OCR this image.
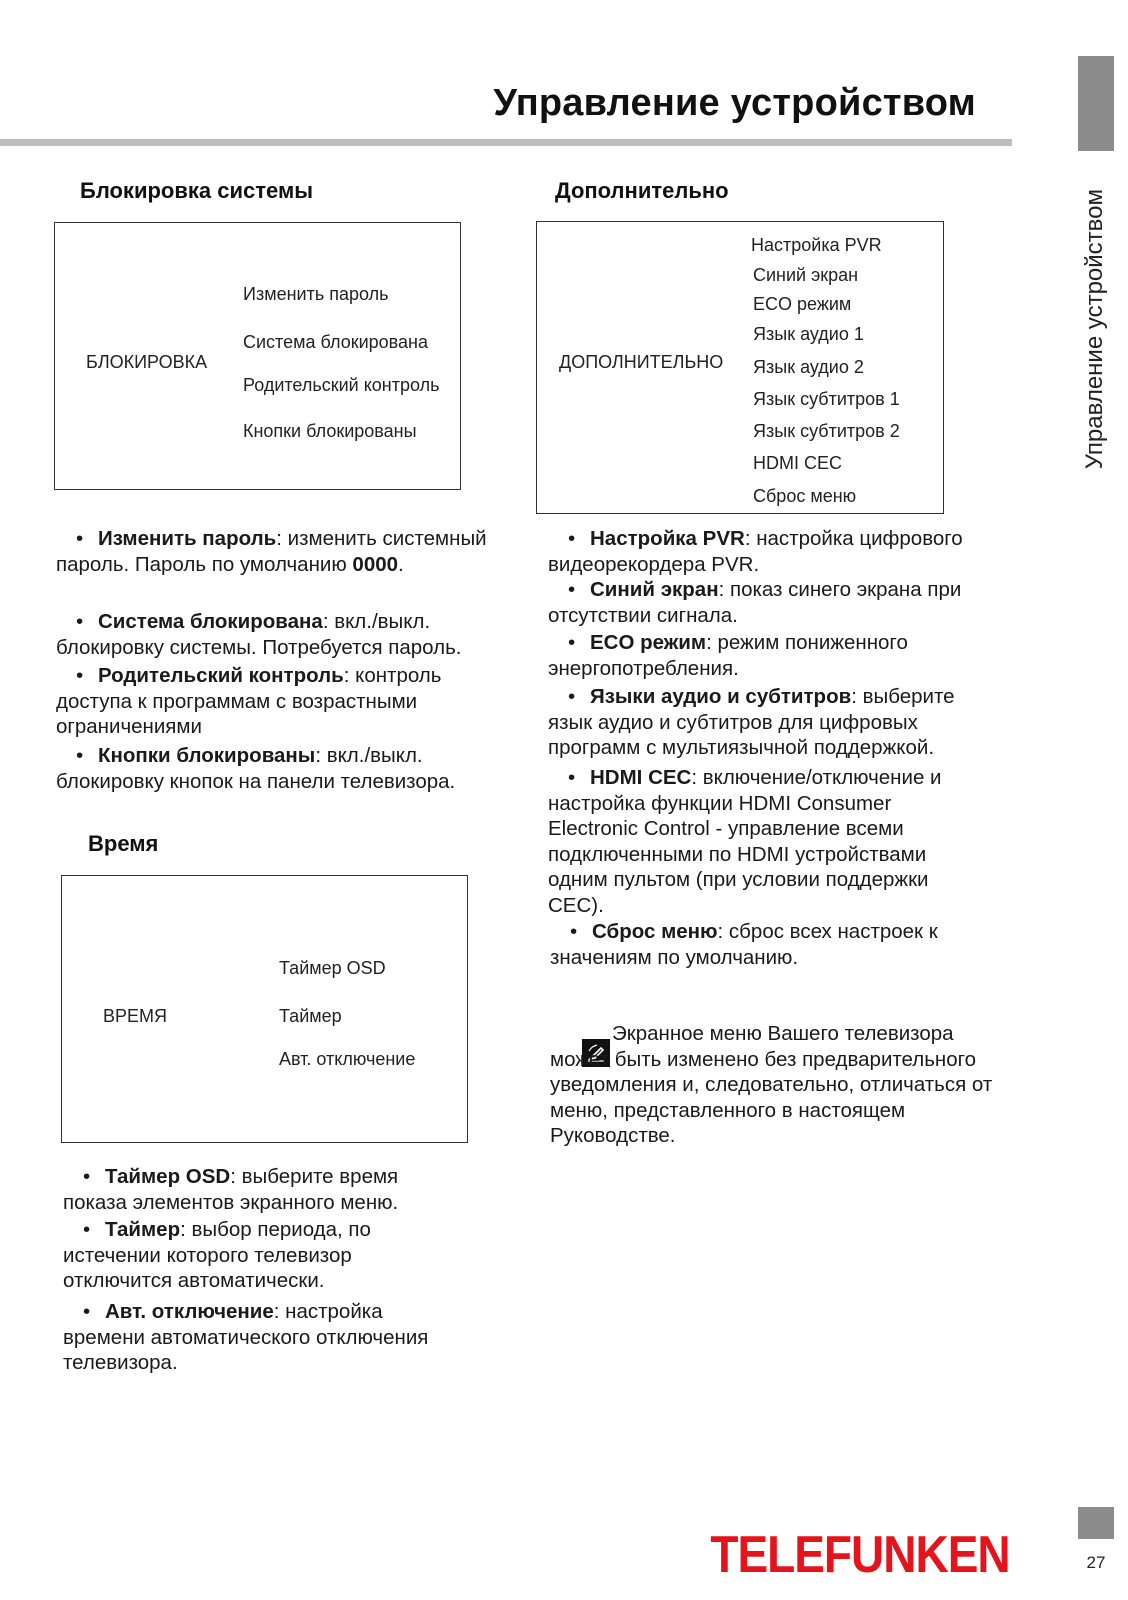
Управление устройством
Управление устройством
Блокировка системы
БЛОКИРОВКА
Изменить пароль
Система блокирована
Родительский контроль
Кнопки блокированы

• Изменить пароль: изменить системный пароль. Пароль по умолчанию 0000.

• Система блокирована: вкл./выкл. блокировку системы. Потребуется пароль.

• Родительский контроль: контроль доступа к программам с возрастными ограничениями

• Кнопки блокированы: вкл./выкл. блокировку кнопок на панели телевизора.

Время
ВРЕМЯ
Таймер OSD
Таймер
Авт. отключение

• Таймер OSD: выберите время показа элементов экранного меню.

• Таймер: выбор периода, по истечении которого телевизор отключится автоматически.

• Авт. отключение: настройка времени автоматического отключения телевизора.

Дополнительно
ДОПОЛНИТЕЛЬНО
Настройка PVR
Синий экран
ECO режим
Язык аудио 1
Язык аудио 2
Язык субтитров 1
Язык субтитров 2
HDMI CEC
Сброс меню

• Настройка PVR: настройка цифрового видеорекордера PVR.

• Синий экран: показ синего экрана при отсутствии сигнала.

• ECO режим: режим пониженного энергопотребления.

• Языки аудио и субтитров: выберите язык аудио и субтитров для цифровых программ с мультиязычной поддержкой.

• HDMI CEC: включение/отключение и настройка функции HDMI Consumer Electronic Control - управление всеми подключенными по HDMI устройствами одним пультом (при условии поддержки CEC).

• Сброс меню: сброс всех настроек к значениям по умолчанию.

Экранное меню Вашего телевизора может быть изменено без предварительного уведомления и, следовательно, отличаться от меню, представленного в настоящем Руководстве.

TELEFUNKEN	27
